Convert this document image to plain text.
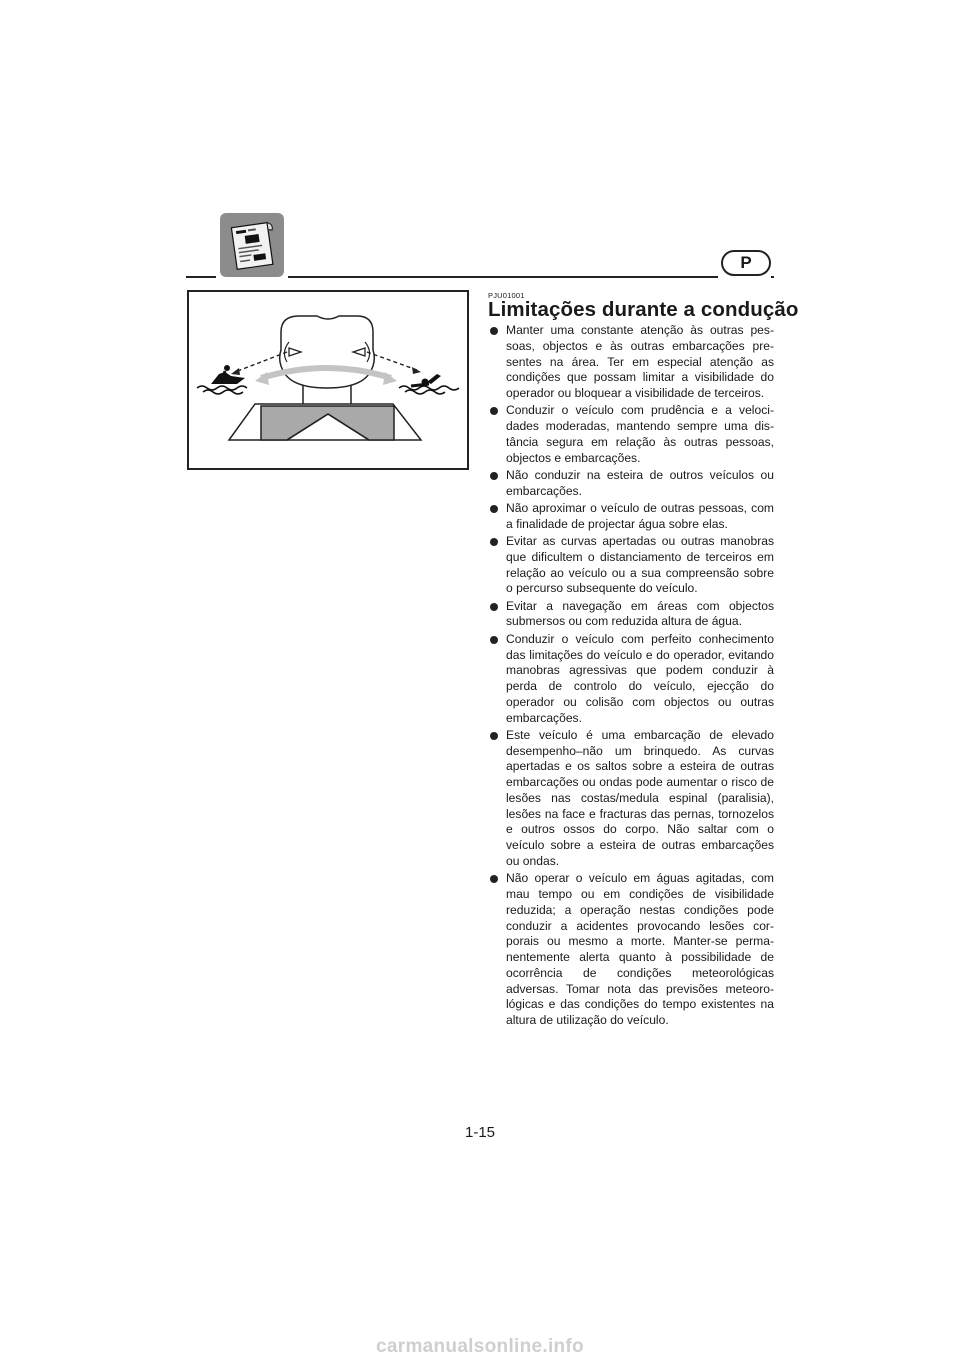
P
PJU01001
Limitações durante a condução
Manter uma constante atenção às outras pessoas, objectos e às outras embarcações presentes na área. Ter em especial atenção as condições que possam limitar a visibilidade do operador ou bloquear a visibilidade de terceiros.
Conduzir o veículo com prudência e a velocidades moderadas, mantendo sempre uma distância segura em relação às outras pessoas, objectos e embarcações.
Não conduzir na esteira de outros veículos ou embarcações.
Não aproximar o veículo de outras pessoas, com a finalidade de projectar água sobre elas.
Evitar as curvas apertadas ou outras manobras que dificultem o distanciamento de terceiros em relação ao veículo ou a sua compreensão sobre o percurso subsequente do veículo.
Evitar a navegação em áreas com objectos submersos ou com reduzida altura de água.
Conduzir o veículo com perfeito conhecimento das limitações do veículo e do operador, evitando manobras agressivas que podem conduzir à perda de controlo do veículo, ejecção do operador ou colisão com objectos ou outras embarcações.
Este veículo é uma embarcação de elevado desempenho–não um brinquedo. As curvas apertadas e os saltos sobre a esteira de outras embarcações ou ondas pode aumentar o risco de lesões nas costas/medula espinal (paralisia), lesões na face e fracturas das pernas, tornozelos e outros ossos do corpo. Não saltar com o veículo sobre a esteira de outras embarcações ou ondas.
Não operar o veículo em águas agitadas, com mau tempo ou em condições de visibilidade reduzida; a operação nestas condições pode conduzir a acidentes provocando lesões corporais ou mesmo a morte. Manter-se permanentemente alerta quanto à possibilidade de ocorrência de condições meteorológicas adversas. Tomar nota das previsões meteorológicas e das condições do tempo existentes na altura de utilização do veículo.
1-15
carmanualsonline.info
